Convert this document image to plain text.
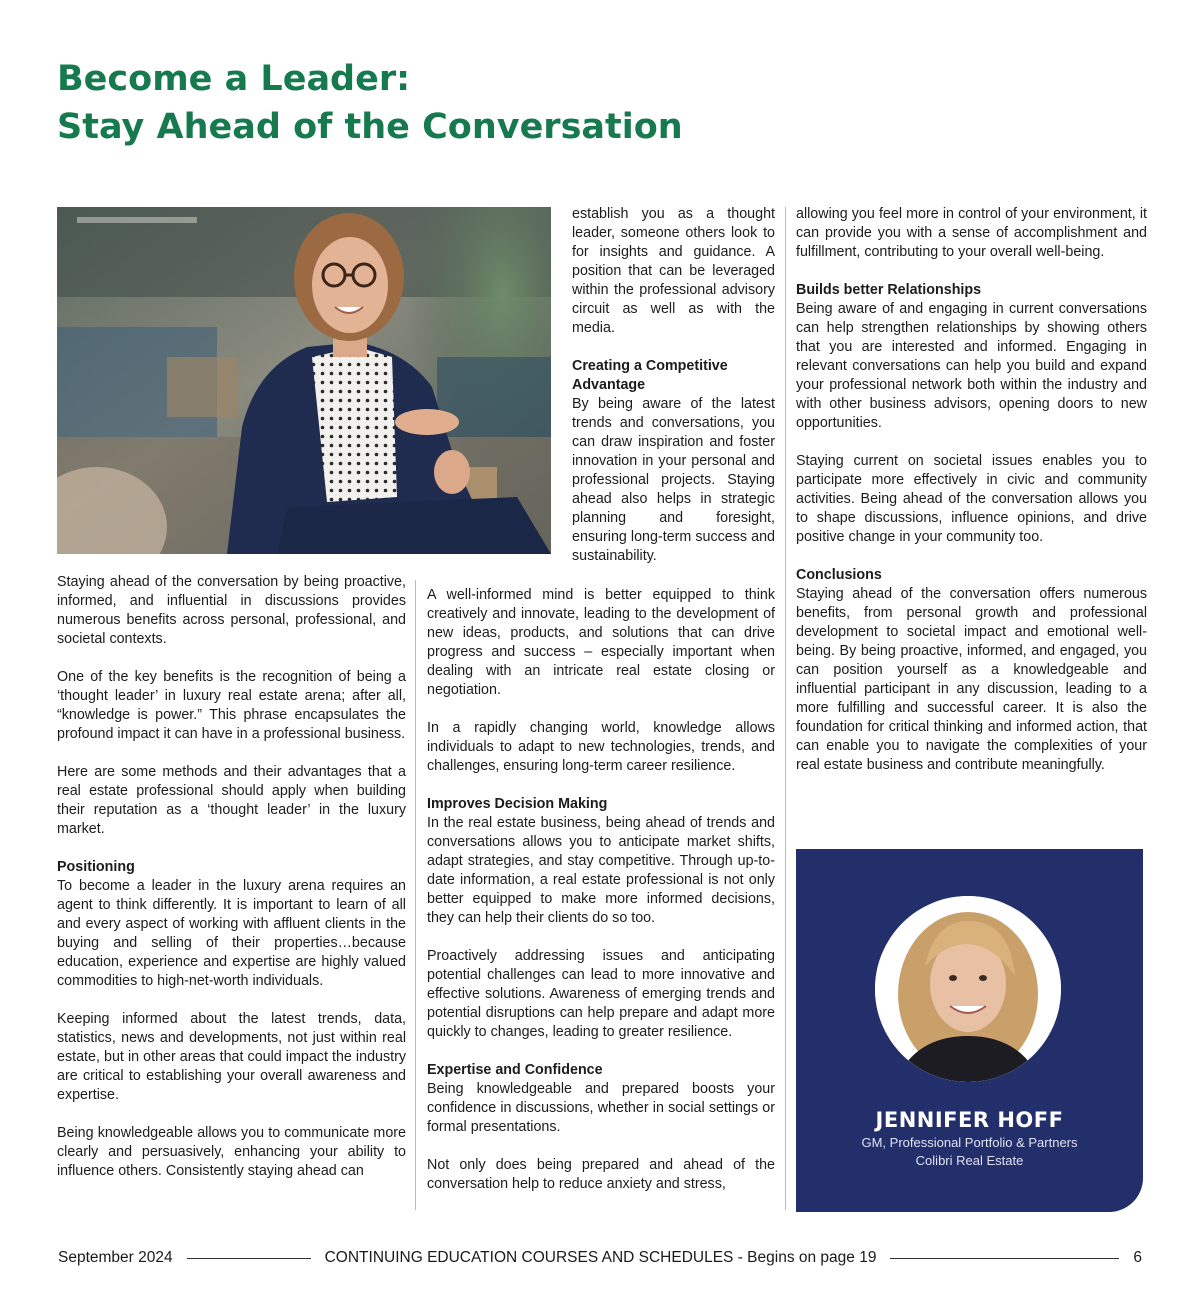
Become a Leader:
Stay Ahead of the Conversation

Staying ahead of the conversation by being proactive, informed, and influential in discussions provides numerous benefits across personal, professional, and societal contexts.

One of the key benefits is the recognition of being a ‘thought leader’ in luxury real estate arena; after all, “knowledge is power.” This phrase encapsulates the profound impact it can have in a professional business.

Here are some methods and their advantages that a real estate professional should apply when building their reputation as a ‘thought leader’ in the luxury market.

Positioning

To become a leader in the luxury arena requires an agent to think differently. It is important to learn of all and every aspect of working with affluent clients in the buying and selling of their properties…because education, experience and expertise are highly valued commodities to high-net-worth individuals.

Keeping informed about the latest trends, data, statistics, news and developments, not just within real estate, but in other areas that could impact the industry are critical to establishing your overall awareness and expertise.

Being knowledgeable allows you to communicate more clearly and persuasively, enhancing your ability to influence others. Consistently staying ahead can

establish you as a thought leader, someone others look to for insights and guidance. A position that can be leveraged within the professional advisory circuit as well as with the media.

Creating a Competitive Advantage

By being aware of the latest trends and conversations, you can draw inspiration and foster innovation in your personal and professional projects. Staying ahead also helps in strategic planning and foresight, ensuring long-term success and sustainability.

A well-informed mind is better equipped to think creatively and innovate, leading to the development of new ideas, products, and solutions that can drive progress and success – especially important when dealing with an intricate real estate closing or negotiation.

In a rapidly changing world, knowledge allows individuals to adapt to new technologies, trends, and challenges, ensuring long-term career resilience.

Improves Decision Making

In the real estate business, being ahead of trends and conversations allows you to anticipate market shifts, adapt strategies, and stay competitive. Through up-to-date information, a real estate professional is not only better equipped to make more informed decisions, they can help their clients do so too.

Proactively addressing issues and anticipating potential challenges can lead to more innovative and effective solutions. Awareness of emerging trends and potential disruptions can help prepare and adapt more quickly to changes, leading to greater resilience.

Expertise and Confidence

Being knowledgeable and prepared boosts your confidence in discussions, whether in social settings or formal presentations.

Not only does being prepared and ahead of the conversation help to reduce anxiety and stress,

allowing you feel more in control of your environment, it can provide you with a sense of accomplishment and fulfillment, contributing to your overall well-being.

Builds better Relationships

Being aware of and engaging in current conversations can help strengthen relationships by showing others that you are interested and informed. Engaging in relevant conversations can help you build and expand your professional network both within the industry and with other business advisors, opening doors to new opportunities.

Staying current on societal issues enables you to participate more effectively in civic and community activities. Being ahead of the conversation allows you to shape discussions, influence opinions, and drive positive change in your community too.

Conclusions

Staying ahead of the conversation offers numerous benefits, from personal growth and professional development to societal impact and emotional well-being. By being proactive, informed, and engaged, you can position yourself as a knowledgeable and influential participant in any discussion, leading to a more fulfilling and successful career. It is also the foundation for critical thinking and informed action, that can enable you to navigate the complexities of your real estate business and contribute meaningfully.

JENNIFER HOFF
GM, Professional Portfolio & Partners
Colibri Real Estate
September 2024	CONTINUING EDUCATION COURSES AND SCHEDULES - Begins on page 19	6
